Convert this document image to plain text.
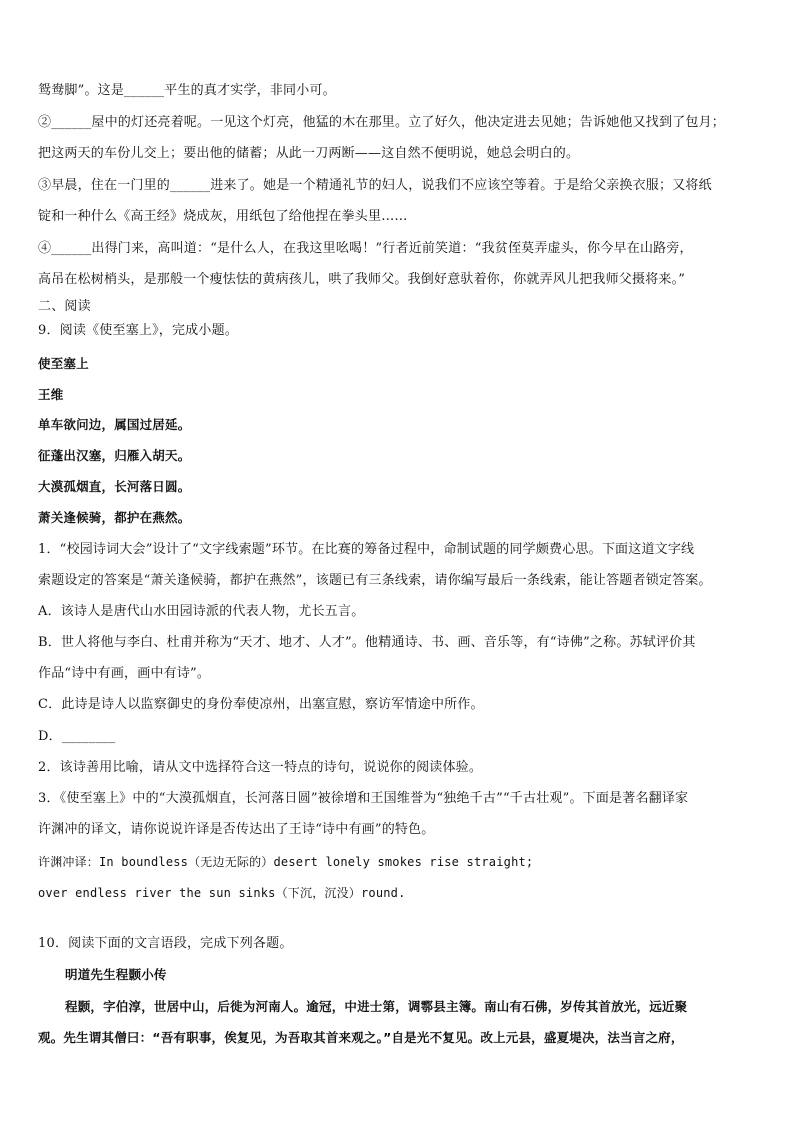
鸳鸯脚”。这是______平生的真才实学，非同小可。
②______屋中的灯还亮着呢。一见这个灯亮，他猛的木在那里。立了好久，他决定进去见她；告诉她他又找到了包月；
把这两天的车份儿交上；要出他的储蓄；从此一刀两断——这自然不便明说，她总会明白的。
③早晨，住在一门里的______进来了。她是一个精通礼节的妇人，说我们不应该空等着。于是给父亲换衣服；又将纸
锭和一种什么《高王经》烧成灰，用纸包了给他捏在拳头里……
④______出得门来，高叫道：“是什么人，在我这里吆喝！”行者近前笑道：“我贫侄莫弄虚头，你今早在山路旁，
高吊在松树梢头，是那般一个瘦怯怯的黄病孩儿，哄了我师父。我倒好意驮着你，你就弄风儿把我师父摄将来。”
二、阅读
9．阅读《使至塞上》，完成小题。
使至塞上
王维
单车欲问边，属国过居延。
征蓬出汉塞，归雁入胡天。
大漠孤烟直，长河落日圆。
萧关逢候骑，都护在燕然。
1．“校园诗词大会”设计了“文字线索题”环节。在比赛的筹备过程中，命制试题的同学颇费心思。下面这道文字线
索题设定的答案是“萧关逢候骑，都护在燕然”，该题已有三条线索，请你编写最后一条线索，能让答题者锁定答案。
A．该诗人是唐代山水田园诗派的代表人物，尤长五言。
B．世人将他与李白、杜甫并称为“天才、地才、人才”。他精通诗、书、画、音乐等，有“诗佛”之称。苏轼评价其
作品“诗中有画，画中有诗”。
C．此诗是诗人以监察御史的身份奉使凉州，出塞宣慰，察访军情途中所作。
D．________
2．该诗善用比喻，请从文中选择符合这一特点的诗句，说说你的阅读体验。
3．《使至塞上》中的“大漠孤烟直，长河落日圆”被徐增和王国维誉为“独绝千古”“千古壮观”。下面是著名翻译家
许渊冲的译文，请你说说许译是否传达出了王诗“诗中有画”的特色。
许渊冲译：In boundless（无边无际的）desert lonely smokes rise straight;
over endless river the sun sinks（下沉，沉没）round.
10．阅读下面的文言语段，完成下列各题。
明道先生程颢小传
程颢，字伯淳，世居中山，后徙为河南人。逾冠，中进士第，调鄠县主簿。南山有石佛，岁传其首放光，远近聚
观。先生谓其僧曰：“吾有职事，俟复见，为吾取其首来观之。”自是光不复见。改上元县，盛夏堤决，法当言之府，
